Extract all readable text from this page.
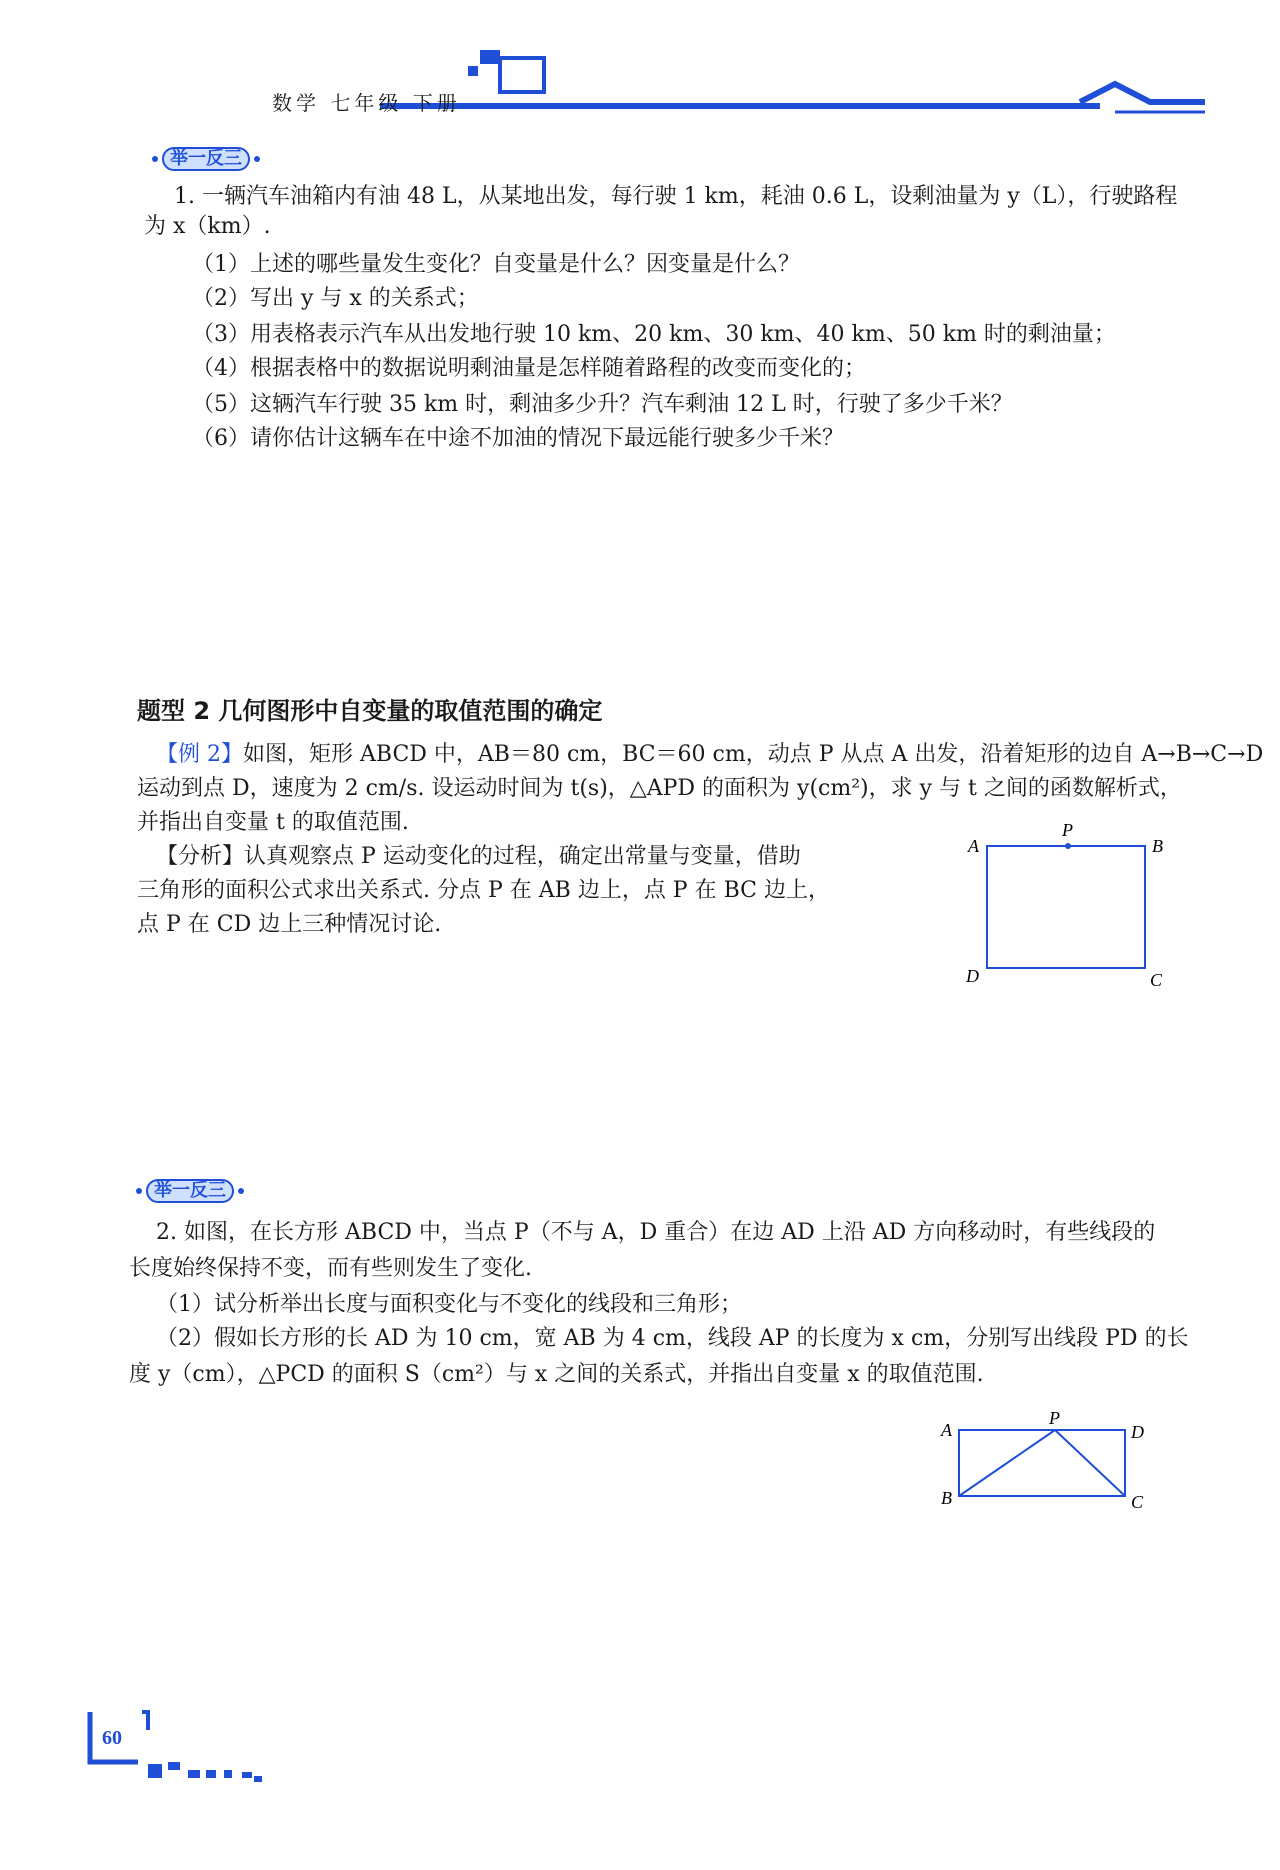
数学 七年级 下册
举一反三
1. 一辆汽车油箱内有油 48 L，从某地出发，每行驶 1 km，耗油 0.6 L，设剩油量为 y（L），行驶路程
为 x（km）.
（1）上述的哪些量发生变化？自变量是什么？因变量是什么？
（2）写出 y 与 x 的关系式；
（3）用表格表示汽车从出发地行驶 10 km、20 km、30 km、40 km、50 km 时的剩油量；
（4）根据表格中的数据说明剩油量是怎样随着路程的改变而变化的；
（5）这辆汽车行驶 35 km 时，剩油多少升？汽车剩油 12 L 时，行驶了多少千米？
（6）请你估计这辆车在中途不加油的情况下最远能行驶多少千米？
题型 2 几何图形中自变量的取值范围的确定
【例 2】如图，矩形 ABCD 中，AB＝80 cm，BC＝60 cm，动点 P 从点 A 出发，沿着矩形的边自 A→B→C→D
运动到点 D，速度为 2 cm/s. 设运动时间为 t(s)，△APD 的面积为 y(cm²)，求 y 与 t 之间的函数解析式，
并指出自变量 t 的取值范围.
【分析】认真观察点 P 运动变化的过程，确定出常量与变量，借助
三角形的面积公式求出关系式. 分点 P 在 AB 边上，点 P 在 BC 边上，
点 P 在 CD 边上三种情况讨论.
A	B
C
D
P
举一反三
2. 如图，在长方形 ABCD 中，当点 P（不与 A，D 重合）在边 AD 上沿 AD 方向移动时，有些线段的
长度始终保持不变，而有些则发生了变化.
（1）试分析举出长度与面积变化与不变化的线段和三角形；
（2）假如长方形的长 AD 为 10 cm，宽 AB 为 4 cm，线段 AP 的长度为 x cm，分别写出线段 PD 的长
度 y（cm），△PCD 的面积 S（cm²）与 x 之间的关系式，并指出自变量 x 的取值范围.
A
P
D
B	C
60
